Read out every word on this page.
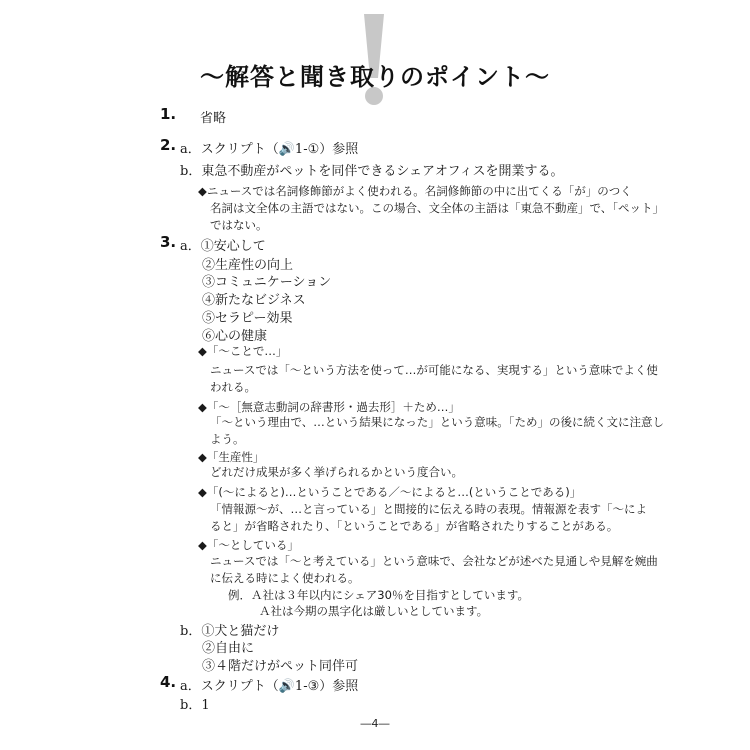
〜解答と聞き取りのポイント〜
1. 省略
2. a．スクリプト（🔊1-①）参照
b．東急不動産がペットを同伴できるシェアオフィスを開業する。
◆ニュースでは名詞修飾節がよく使われる。名詞修飾節の中に出てくる「が」のつく
名詞は文全体の主語ではない。この場合、文全体の主語は「東急不動産」で、「ペット」
ではない。
3. a．①安心して
②生産性の向上
③コミュニケーション
④新たなビジネス
⑤セラピー効果
⑥心の健康
◆「〜ことで…」
ニュースでは「〜という方法を使って…が可能になる、実現する」という意味でよく使
われる。
◆「〜［無意志動詞の辞書形・過去形］＋ため…」
「〜という理由で、…という結果になった」という意味。「ため」の後に続く文に注意し
よう。
◆「生産性」
どれだけ成果が多く挙げられるかという度合い。
◆「(〜によると)…ということである／〜によると…(ということである)」
「情報源〜が、…と言っている」と間接的に伝える時の表現。情報源を表す「〜によ
ると」が省略されたり、「ということである」が省略されたりすることがある。
◆「〜としている」
ニュースでは「〜と考えている」という意味で、会社などが述べた見通しや見解を婉曲
に伝える時によく使われる。
例．Ａ社は３年以内にシェア30％を目指すとしています。
Ａ社は今期の黒字化は厳しいとしています。
b．①犬と猫だけ
②自由に
③４階だけがペット同伴可
4. a．スクリプト（🔊1-③）参照
b．1
―4―
